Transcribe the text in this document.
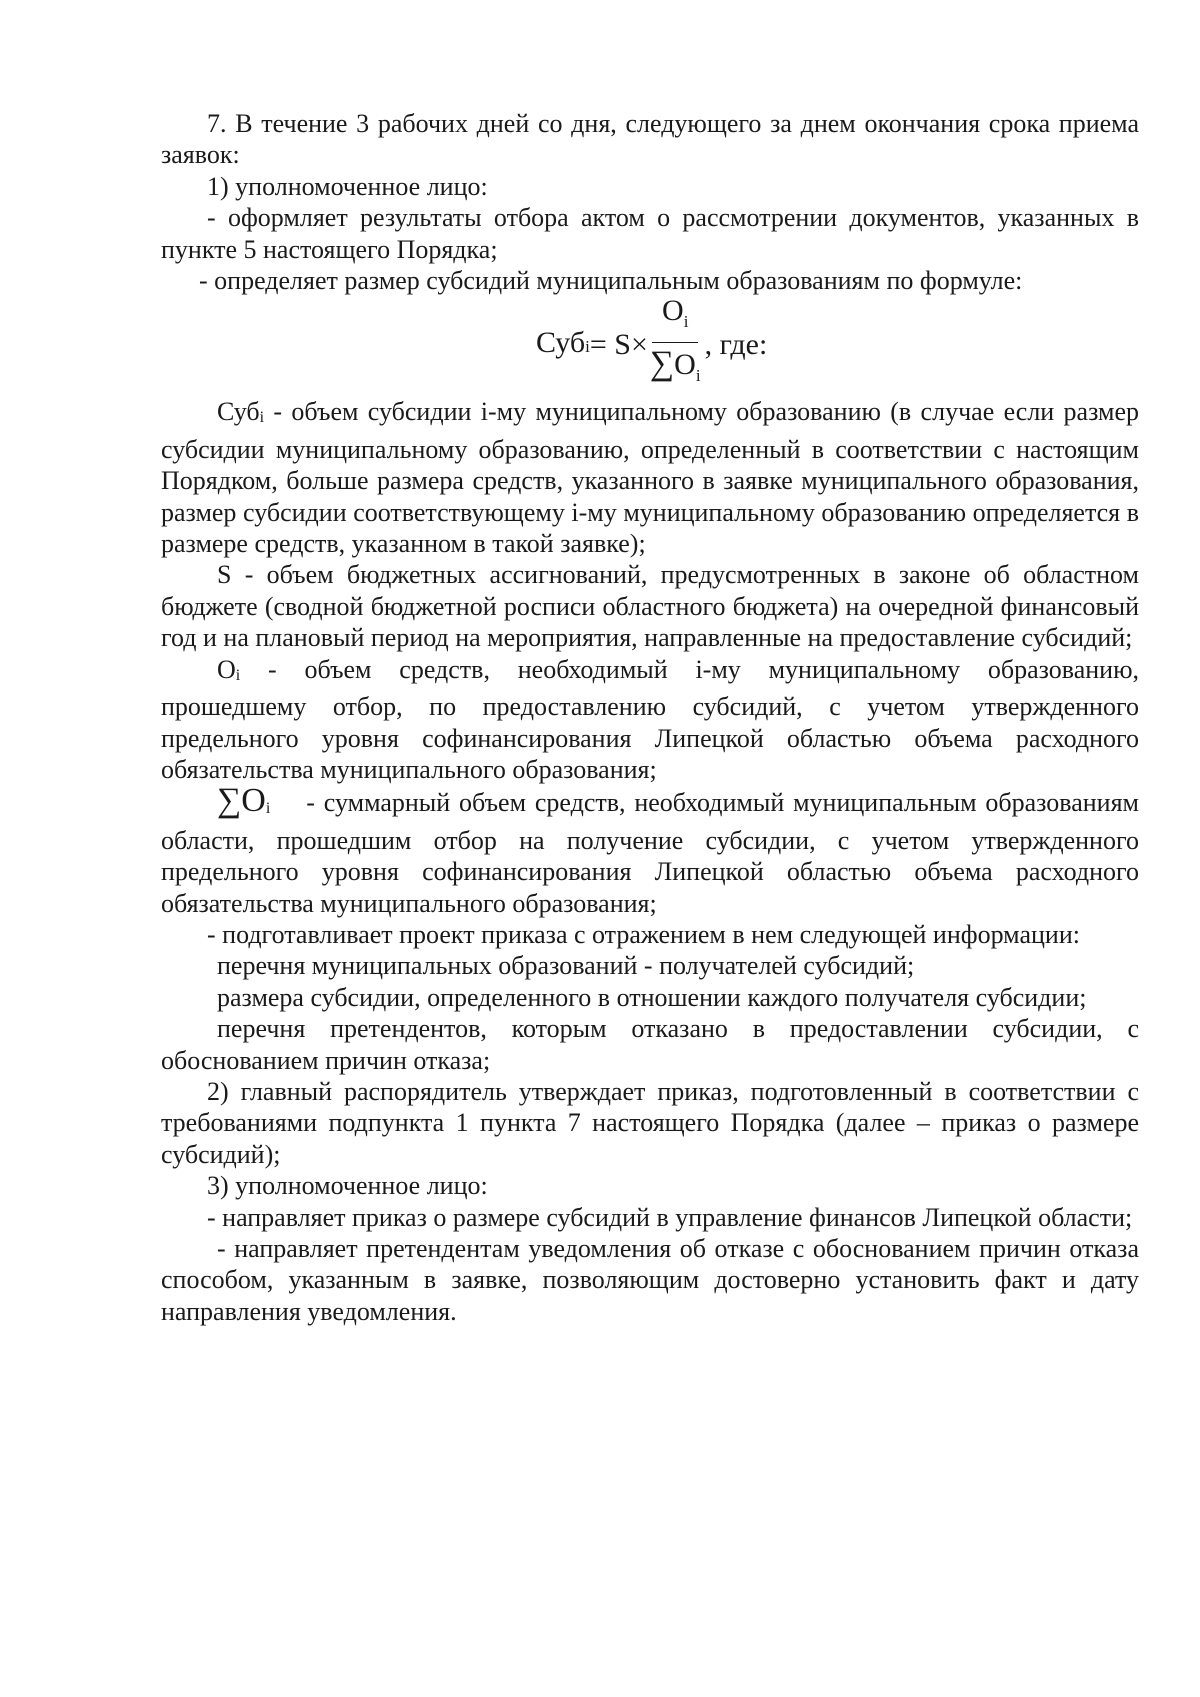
7. В течение 3 рабочих дней со дня, следующего за днем окончания срока приема заявок:

1) уполномоченное лицо:

- оформляет результаты отбора актом о рассмотрении документов, указанных в пункте 5 настоящего Порядка;

- определяет размер субсидий муниципальным образованиям по формуле:

Суб $i = S\times \frac{O_i}{\sum O_i}$ , где:

Субi - объем субсидии i-му муниципальному образованию (в случае если размер субсидии муниципальному образованию, определенный в соответствии с настоящим Порядком, больше размера средств, указанного в заявке муниципального образования, размер субсидии соответствующему i-му муниципальному образованию определяется в размере средств, указанном в такой заявке);

S - объем бюджетных ассигнований, предусмотренных в законе об областном бюджете (сводной бюджетной росписи областного бюджета) на очередной финансовый год и на плановый период на мероприятия, направленные на предоставление субсидий;

Oi - объем средств, необходимый i-му муниципальному образованию, прошедшему отбор, по предоставлению субсидий, с учетом утвержденного предельного уровня софинансирования Липецкой областью объема расходного обязательства муниципального образования;

∑Oi - суммарный объем средств, необходимый муниципальным образованиям области, прошедшим отбор на получение субсидии, с учетом утвержденного предельного уровня софинансирования Липецкой областью объема расходного обязательства муниципального образования;

- подготавливает проект приказа с отражением в нем следующей информации:

перечня муниципальных образований - получателей субсидий;

размера субсидии, определенного в отношении каждого получателя субсидии;

перечня претендентов, которым отказано в предоставлении субсидии, с обоснованием причин отказа;

2) главный распорядитель утверждает приказ, подготовленный в соответствии с требованиями подпункта 1 пункта 7 настоящего Порядка (далее – приказ о размере субсидий);

3) уполномоченное лицо:

- направляет приказ о размере субсидий в управление финансов Липецкой области;

- направляет претендентам уведомления об отказе с обоснованием причин отказа способом, указанным в заявке, позволяющим достоверно установить факт и дату направления уведомления.
